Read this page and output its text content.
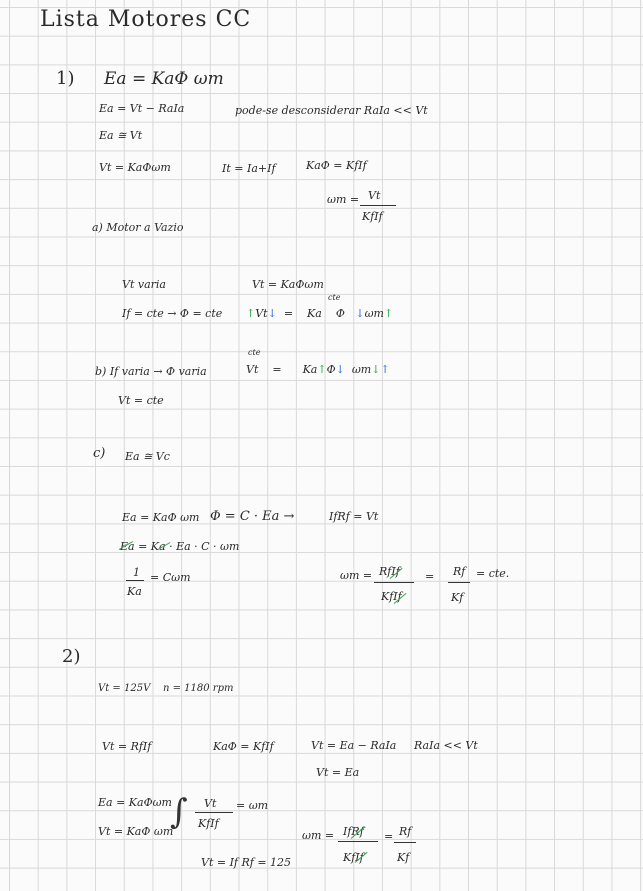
Lista Motores CC
1) Ea = KaΦ ωm
Ea = Vt − RaIa	pode-se desconsiderar RaIa << Vt
Ea ≅ Vt
Vt = KaΦωm	It = Ia+If	KaΦ = KfIf
ωm = Vt
KfIf
a) Motor a Vazio
Vt varia	Vt = KaΦωm
If = cte → Φ = cte
cte
↑Vt↓ = Ka Φ ↓ωm↑
b) If varia → Φ varia
cte
Vt = Ka↑Φ↓ ωm↓↑
Vt = cte
c) Ea ≅ Vc
Ea = KaΦ ωm Φ = C · Ea →	IfRf = Vt
Ea = Ka · Ea · C · ωm
1
Ka
= Cωm	ωm = RfIf
KfIf
= Rf
Kf
= cte.
2)
Vt = 125V n = 1180 rpm
Vt = RfIf	KaΦ = KfIf	Vt = Ea − RaIa RaIa << Vt
Vt = Ea
Ea = KaΦωm
Vt = KaΦ ωm
∫ Vt
KfIf
= ωm
ωm = IfRf
KfIf
= Rf
Kf
Vt = If Rf = 125
